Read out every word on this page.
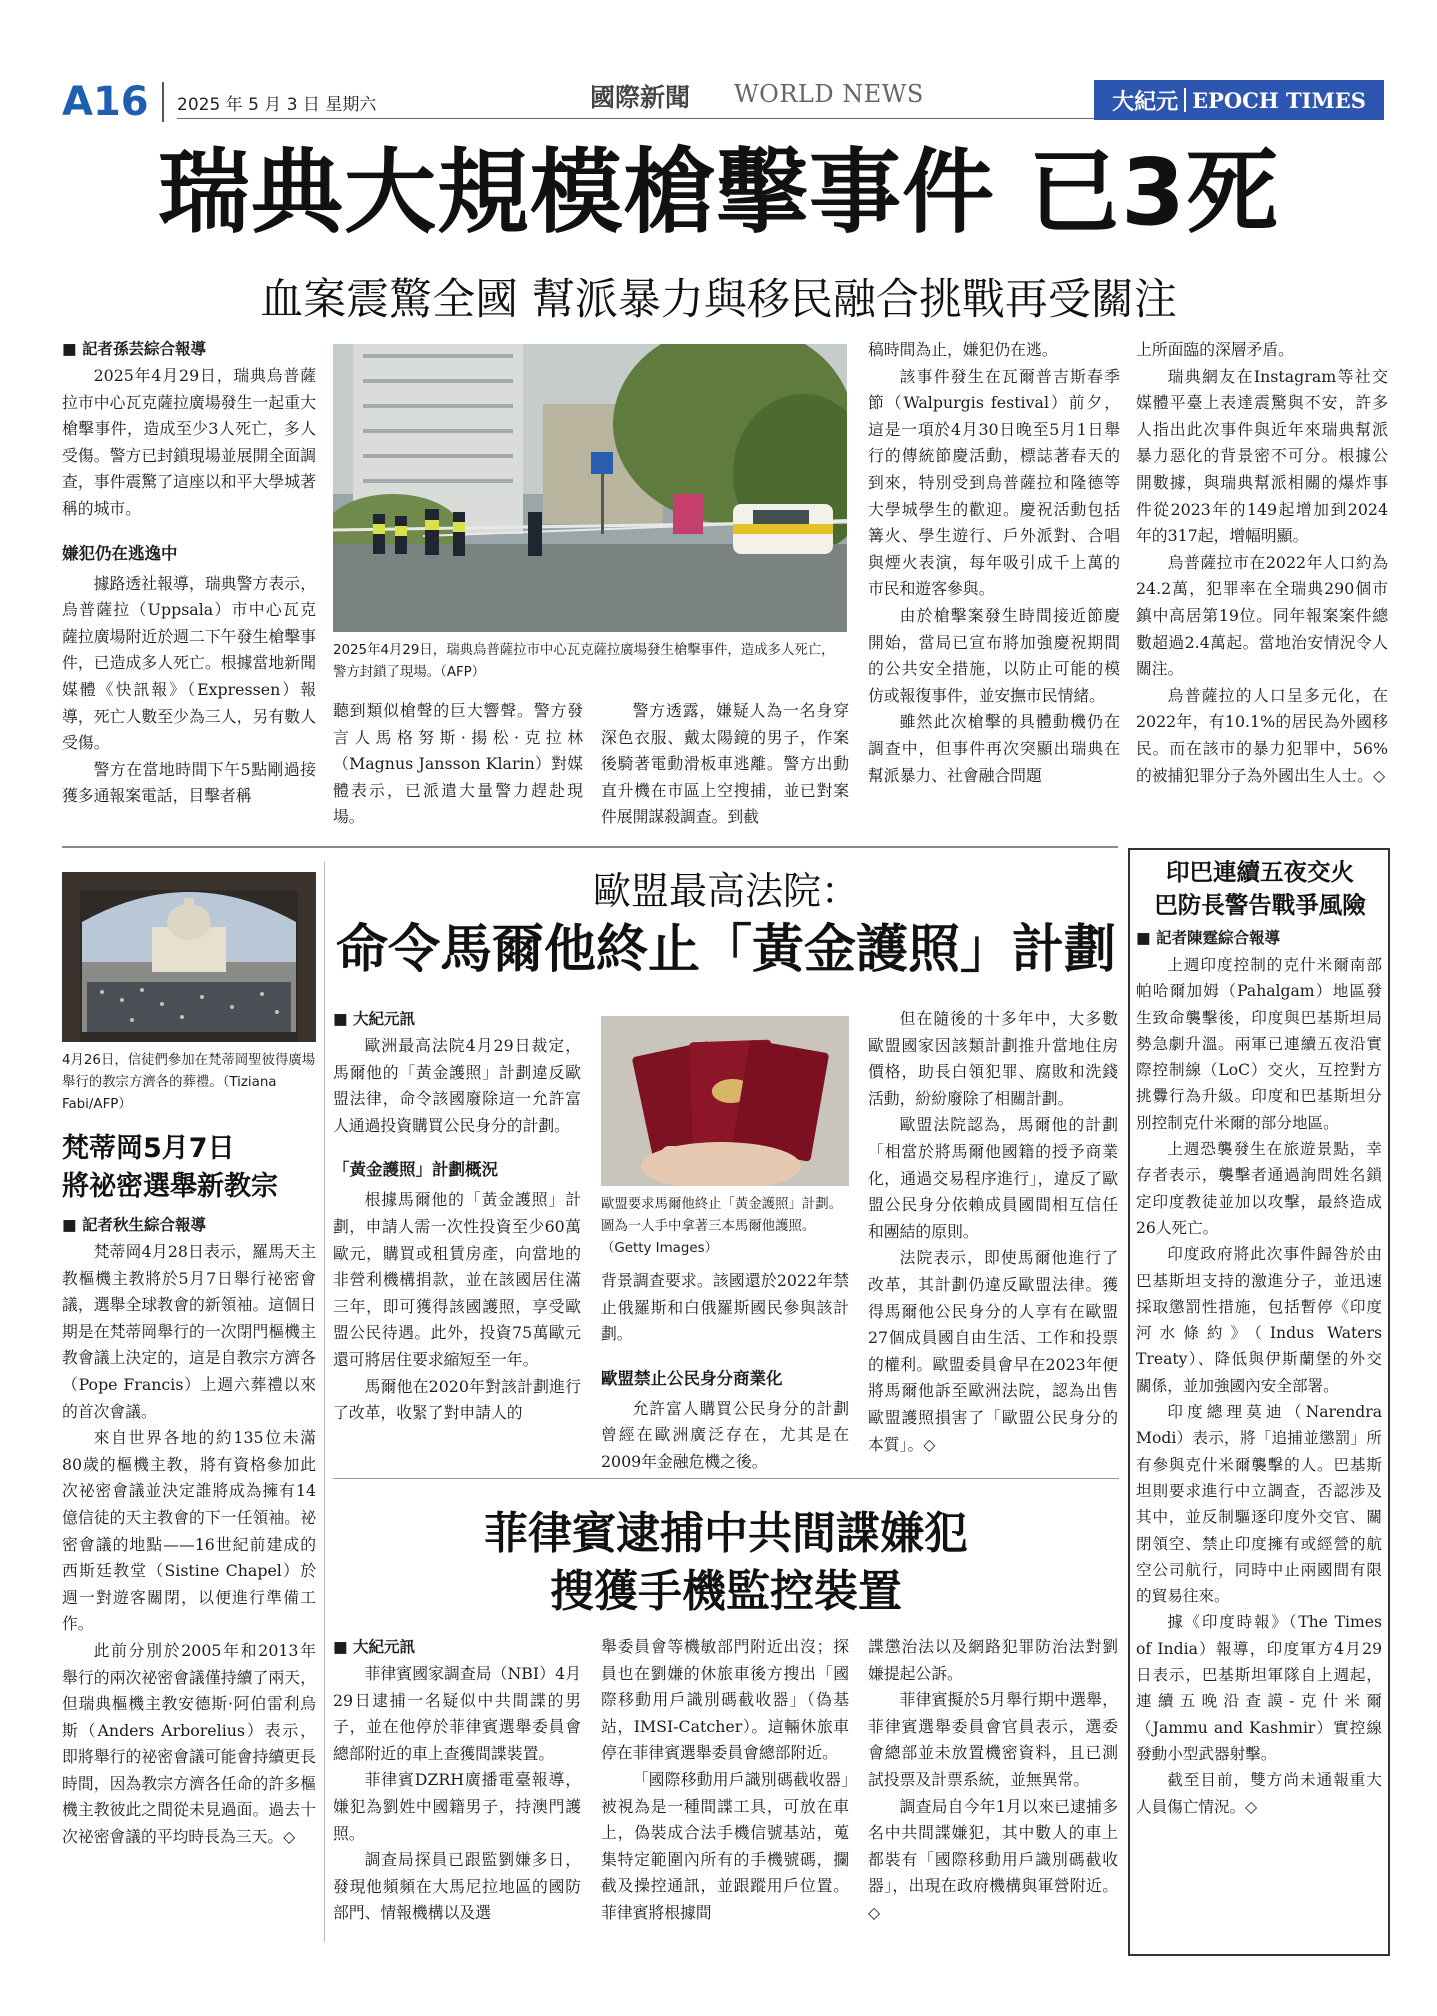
A16 2025 年 5 月 3 日 星期六	國際新聞 WORLD NEWS	大紀元 EPOCH TIMES
瑞典大規模槍擊事件 已3死
血案震驚全國 幫派暴力與移民融合挑戰再受關注
■ 記者孫芸綜合報導

2025年4月29日，瑞典烏普薩拉市中心瓦克薩拉廣場發生一起重大槍擊事件，造成至少3人死亡，多人受傷。警方已封鎖現場並展開全面調查，事件震驚了這座以和平大學城著稱的城市。

嫌犯仍在逃逸中

據路透社報導，瑞典警方表示，烏普薩拉（Uppsala）市中心瓦克薩拉廣場附近於週二下午發生槍擊事件，已造成多人死亡。根據當地新聞媒體《快訊報》（Expressen）報導，死亡人數至少為三人，另有數人受傷。

警方在當地時間下午5點剛過接獲多通報案電話，目擊者稱

2025年4月29日，瑞典烏普薩拉市中心瓦克薩拉廣場發生槍擊事件，造成多人死亡，警方封鎖了現場。（AFP）

聽到類似槍聲的巨大響聲。警方發言人馬格努斯·揚松·克拉林（Magnus Jansson Klarin）對媒體表示，已派遣大量警力趕赴現場。

警方透露，嫌疑人為一名身穿深色衣服、戴太陽鏡的男子，作案後騎著電動滑板車逃離。警方出動直升機在市區上空搜捕，並已對案件展開謀殺調查。到截

稿時間為止，嫌犯仍在逃。

該事件發生在瓦爾普吉斯春季節（Walpurgis festival）前夕，這是一項於4月30日晚至5月1日舉行的傳統節慶活動，標誌著春天的到來，特別受到烏普薩拉和隆德等大學城學生的歡迎。慶祝活動包括篝火、學生遊行、戶外派對、合唱與煙火表演，每年吸引成千上萬的市民和遊客參與。

由於槍擊案發生時間接近節慶開始，當局已宣布將加強慶祝期間的公共安全措施，以防止可能的模仿或報復事件，並安撫市民情緒。

雖然此次槍擊的具體動機仍在調查中，但事件再次突顯出瑞典在幫派暴力、社會融合問題

上所面臨的深層矛盾。

瑞典網友在Instagram等社交媒體平臺上表達震驚與不安，許多人指出此次事件與近年來瑞典幫派暴力惡化的背景密不可分。根據公開數據，與瑞典幫派相關的爆炸事件從2023年的149起增加到2024年的317起，增幅明顯。

烏普薩拉市在2022年人口約為24.2萬，犯罪率在全瑞典290個市鎮中高居第19位。同年報案案件總數超過2.4萬起。當地治安情況令人關注。

烏普薩拉的人口呈多元化，在2022年，有10.1%的居民為外國移民。而在該市的暴力犯罪中，56%的被捕犯罪分子為外國出生人士。◇

4月26日，信徒們參加在梵蒂岡聖彼得廣場舉行的教宗方濟各的葬禮。（Tiziana Fabi/AFP）
梵蒂岡5月7日
將祕密選舉新教宗
■ 記者秋生綜合報導

梵蒂岡4月28日表示，羅馬天主教樞機主教將於5月7日舉行祕密會議，選舉全球教會的新領袖。這個日期是在梵蒂岡舉行的一次閉門樞機主教會議上決定的，這是自教宗方濟各（Pope Francis）上週六葬禮以來的首次會議。

來自世界各地的約135位未滿80歲的樞機主教，將有資格參加此次祕密會議並決定誰將成為擁有14億信徒的天主教會的下一任領袖。祕密會議的地點——16世紀前建成的西斯廷教堂（Sistine Chapel）於週一對遊客關閉，以便進行準備工作。

此前分別於2005年和2013年舉行的兩次祕密會議僅持續了兩天，但瑞典樞機主教安德斯·阿伯雷利烏斯（Anders Arborelius）表示，即將舉行的祕密會議可能會持續更長時間，因為教宗方濟各任命的許多樞機主教彼此之間從未見過面。過去十次祕密會議的平均時長為三天。◇

歐盟最高法院：
命令馬爾他終止「黃金護照」計劃
■ 大紀元訊

歐洲最高法院4月29日裁定，馬爾他的「黃金護照」計劃違反歐盟法律，命令該國廢除這一允許富人通過投資購買公民身分的計劃。

「黃金護照」計劃概況

根據馬爾他的「黃金護照」計劃，申請人需一次性投資至少60萬歐元，購買或租賃房產，向當地的非營利機構捐款，並在該國居住滿三年，即可獲得該國護照，享受歐盟公民待遇。此外，投資75萬歐元還可將居住要求縮短至一年。

馬爾他在2020年對該計劃進行了改革，收緊了對申請人的

歐盟要求馬爾他終止「黃金護照」計劃。圖為一人手中拿著三本馬爾他護照。（Getty Images）

背景調查要求。該國還於2022年禁止俄羅斯和白俄羅斯國民參與該計劃。

歐盟禁止公民身分商業化

允許富人購買公民身分的計劃曾經在歐洲廣泛存在，尤其是在2009年金融危機之後。

但在隨後的十多年中，大多數歐盟國家因該類計劃推升當地住房價格，助長白領犯罪、腐敗和洗錢活動，紛紛廢除了相關計劃。

歐盟法院認為，馬爾他的計劃「相當於將馬爾他國籍的授予商業化，通過交易程序進行」，違反了歐盟公民身分依賴成員國間相互信任和團結的原則。

法院表示，即使馬爾他進行了改革，其計劃仍違反歐盟法律。獲得馬爾他公民身分的人享有在歐盟27個成員國自由生活、工作和投票的權利。歐盟委員會早在2023年便將馬爾他訴至歐洲法院，認為出售歐盟護照損害了「歐盟公民身分的本質」。◇

菲律賓逮捕中共間諜嫌犯
搜獲手機監控裝置
■ 大紀元訊

菲律賓國家調查局（NBI）4月29日逮捕一名疑似中共間諜的男子，並在他停於菲律賓選舉委員會總部附近的車上查獲間諜裝置。

菲律賓DZRH廣播電臺報導，嫌犯為劉姓中國籍男子，持澳門護照。

調查局探員已跟監劉嫌多日，發現他頻頻在大馬尼拉地區的國防部門、情報機構以及選

舉委員會等機敏部門附近出沒；探員也在劉嫌的休旅車後方搜出「國際移動用戶識別碼截收器」（偽基站，IMSI-Catcher）。這輛休旅車停在菲律賓選舉委員會總部附近。

「國際移動用戶識別碼截收器」被視為是一種間諜工具，可放在車上，偽裝成合法手機信號基站，蒐集特定範圍內所有的手機號碼，攔截及操控通訊，並跟蹤用戶位置。菲律賓將根據間

諜懲治法以及網路犯罪防治法對劉嫌提起公訴。

菲律賓擬於5月舉行期中選舉，菲律賓選舉委員會官員表示，選委會總部並未放置機密資料，且已測試投票及計票系統，並無異常。

調查局自今年1月以來已逮捕多名中共間諜嫌犯，其中數人的車上都裝有「國際移動用戶識別碼截收器」，出現在政府機構與軍營附近。◇

印巴連續五夜交火
巴防長警告戰爭風險
■ 記者陳霆綜合報導

上週印度控制的克什米爾南部帕哈爾加姆（Pahalgam）地區發生致命襲擊後，印度與巴基斯坦局勢急劇升溫。兩軍已連續五夜沿實際控制線（LoC）交火，互控對方挑釁行為升級。印度和巴基斯坦分別控制克什米爾的部分地區。

上週恐襲發生在旅遊景點，幸存者表示，襲擊者通過詢問姓名鎖定印度教徒並加以攻擊，最終造成26人死亡。

印度政府將此次事件歸咎於由巴基斯坦支持的激進分子，並迅速採取懲罰性措施，包括暫停《印度河水條約》（Indus Waters Treaty）、降低與伊斯蘭堡的外交關係，並加強國內安全部署。

印度總理莫迪（Narendra Modi）表示，將「追捕並懲罰」所有參與克什米爾襲擊的人。巴基斯坦則要求進行中立調查，否認涉及其中，並反制驅逐印度外交官、關閉領空、禁止印度擁有或經營的航空公司航行，同時中止兩國間有限的貿易往來。

據《印度時報》（The Times of India）報導，印度軍方4月29日表示，巴基斯坦軍隊自上週起，連續五晚沿查謨-克什米爾（Jammu and Kashmir）實控線發動小型武器射擊。

截至目前，雙方尚未通報重大人員傷亡情況。◇
